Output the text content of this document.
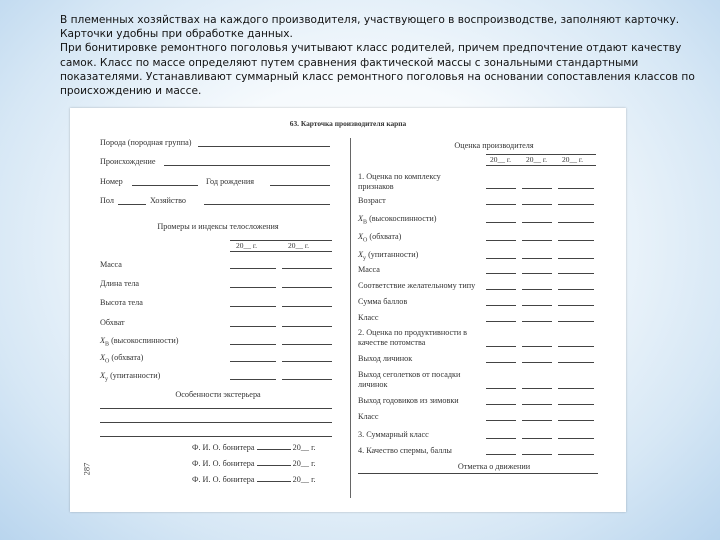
В племенных хозяйствах на каждого производителя, участвующего в воспроизводстве, заполняют карточку. Карточки удобны при обработке данных.

При бонитировке ремонтного поголовья учитывают класс родителей, причем предпочтение отдают качеству самок. Класс по массе определяют путем сравнения фактической массы с зональными стандартными показателями. Устанавливают суммарный класс ремонтного поголовья на основании сопоставления классов по происхождению и массе.

63. Карточка производителя карпа
287
Порода (породная группа)
Происхождение
Номер	Год рождения
Пол	Хозяйство
Промеры и индексы телосложения
20__ г.	20__ г.
Масса
Длина тела
Высота тела
Обхват
$Х_В$ (высокоспинности)
$Х_О$ (обхвата)
$Х_у$ (упитанности)
Особенности экстерьера
Ф. И. О. бонитера	20__ г.
Ф. И. О. бонитера	20__ г.
Ф. И. О. бонитера	20__ г.
Оценка производителя
20__ г. 20__ г. 20__ г.
1. Оценка по комплексу признаков
Возраст
$Х_В$ (высокоспинности)
$Х_О$ (обхвата)
$Х_у$ (упитанности)
Масса
Соответствие желательному типу
Сумма баллов
Класс
2. Оценка по продуктивности в качестве потомства
Выход личинок
Выход сеголетков от посадки личинок
Выход годовиков из зимовки
Класс
3. Суммарный класс
4. Качество спермы, баллы
Отметка о движении
